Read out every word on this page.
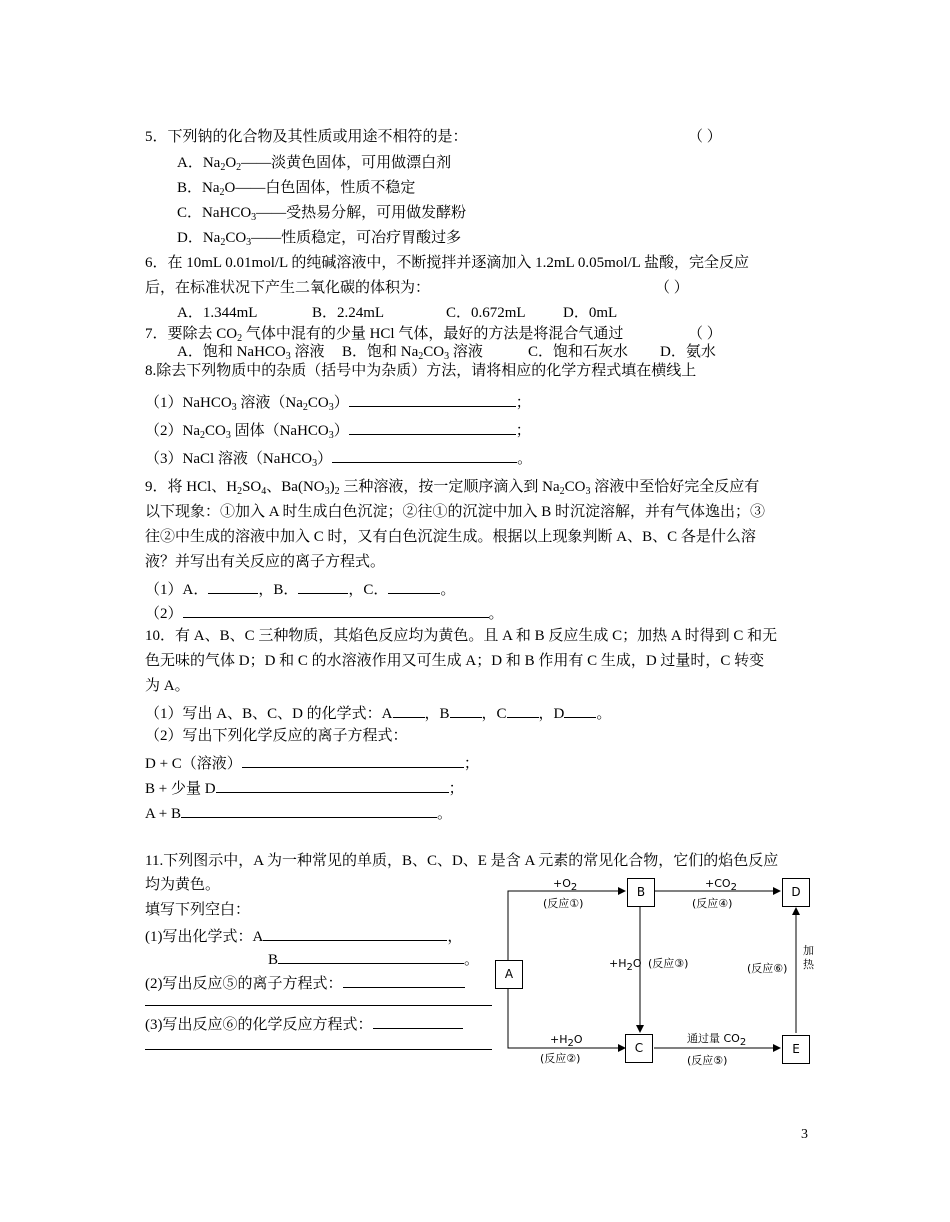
5．下列钠的化合物及其性质或用途不相符的是：	（ ）
A．$Na_2O_2——$淡黄色固体，可用做漂白剂
B．$Na_2O——$白色固体，性质不稳定
C．NaHCO$_3$——受热易分解，可用做发酵粉
D．$Na_2CO_3——$性质稳定，可冶疗胃酸过多
6．在 10mL 0.01mol/L 的纯碱溶液中，不断搅拌并逐滴加入 1.2mL 0.05mol/L 盐酸，完全反应
后，在标准状况下产生二氧化碳的体积为：	（ ）
A．1.344mL	B．2.24mL	C．0.672mL D．0mL
7．要除去 $CO_2$ 气体中混有的少量 HCl 气体，最好的方法是将混合气通过	（ ）
A．饱和 NaHCO$_3$ 溶液 B．饱和 $Na_2CO_3$ 溶液	C．饱和石灰水 D．氨水
8.除去下列物质中的杂质（括号中为杂质）方法，请将相应的化学方程式填在横线上
（1）NaHCO$_3$ 溶液$(Na_2CO_3)$	；
$(2)Na_2CO_3$ 固体（NaHCO$_3$）	；
（3）NaCl 溶液（NaHCO$_3$）	。
9．将 HCl、$H_2SO_4$、$Ba(NO_3)_2$ 三种溶液，按一定顺序滴入到 $Na_2CO_3$ 溶液中至恰好完全反应有
以下现象：①加入 A 时生成白色沉淀；②往①的沉淀中加入 B 时沉淀溶解，并有气体逸出；③
往②中生成的溶液中加入 C 时，又有白色沉淀生成。根据以上现象判断 A、B、C 各是什么溶
液？并写出有关反应的离子方程式。
（1）A．	，B．	，C．	。
（2）	。
10．有 A、B、C 三种物质，其焰色反应均为黄色。且 A 和 B 反应生成 C；加热 A 时得到 C 和无
色无味的气体 D；D 和 C 的水溶液作用又可生成 A；D 和 B 作用有 C 生成，D 过量时，C 转变
为 A。
（1）写出 A、B、C、D 的化学式：A ，B ，C ，D 。
（2）写出下列化学反应的离子方程式：
D + C（溶液）	；
B + 少量 D	；
A + B	。
11.下列图示中，A 为一种常见的单质，B、C、D、E 是含 A 元素的常见化合物，它们的焰色反应
均为黄色。
填写下列空白：
(1)写出化学式：A	，
B	。
(2)写出反应⑤的离子方程式：
(3)写出反应⑥的化学反应方程式：
A
B
C
D
E
$+O_2$
(反应①)
$+H_2O$
(反应②)
$+H_2O$ (反应③)
$+CO_2$
(反应④)
通过量 $CO_2$
(反应⑤)
(反应⑥)
加热
3
